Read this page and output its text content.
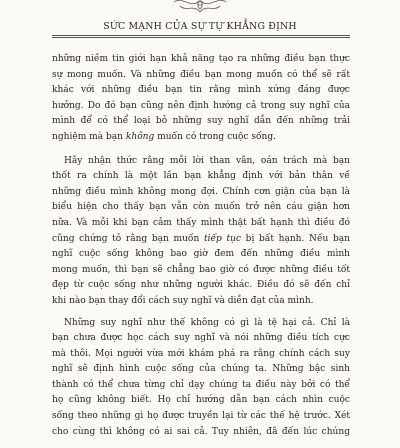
SỨC MẠNH CỦA SỰ TỰ KHẲNG ĐỊNH
những niềm tin giới hạn khả năng tạo ra những điều bạn thực
sự mong muốn. Và những điều bạn mong muốn có thể sẽ rất
khác với những điều bạn tin rằng mình xứng đáng được
hưởng. Do đó bạn cũng nên định hướng cả trong suy nghĩ của
mình để có thể loại bỏ những suy nghĩ dẫn đến những trải
nghiệm mà bạn không muốn có trong cuộc sống.
Hãy nhận thức rằng mỗi lời than vãn, oán trách mà bạn
thốt ra chính là một lần bạn khẳng định với bản thân về
những điều mình không mong đợi. Chính cơn giận của bạn là
biểu hiện cho thấy bạn vẫn còn muốn trở nên cáu giận hơn
nữa. Và mỗi khi bạn cảm thấy mình thật bất hạnh thì điều đó
cũng chứng tỏ rằng bạn muốn tiếp tục bị bất hạnh. Nếu bạn
nghĩ cuộc sống không bao giờ đem đến những điều mình
mong muốn, thì bạn sẽ chẳng bao giờ có được những điều tốt
đẹp từ cuộc sống như những người khác. Điều đó sẽ đến chỉ
khi nào bạn thay đổi cách suy nghĩ và diễn đạt của mình.
Những suy nghĩ như thế không có gì là tệ hại cả. Chỉ là
bạn chưa được học cách suy nghĩ và nói những điều tích cực
mà thôi. Mọi người vừa mới khám phá ra rằng chính cách suy
nghĩ sẽ định hình cuộc sống của chúng ta. Những bậc sinh
thành có thể chưa từng chỉ dạy chúng ta điều này bởi có thể
họ cũng không biết. Họ chỉ hướng dẫn bạn cách nhìn cuộc
sống theo những gì họ được truyền lại từ các thế hệ trước. Xét
cho cùng thì không có ai sai cả. Tuy nhiên, đã đến lúc chúng
